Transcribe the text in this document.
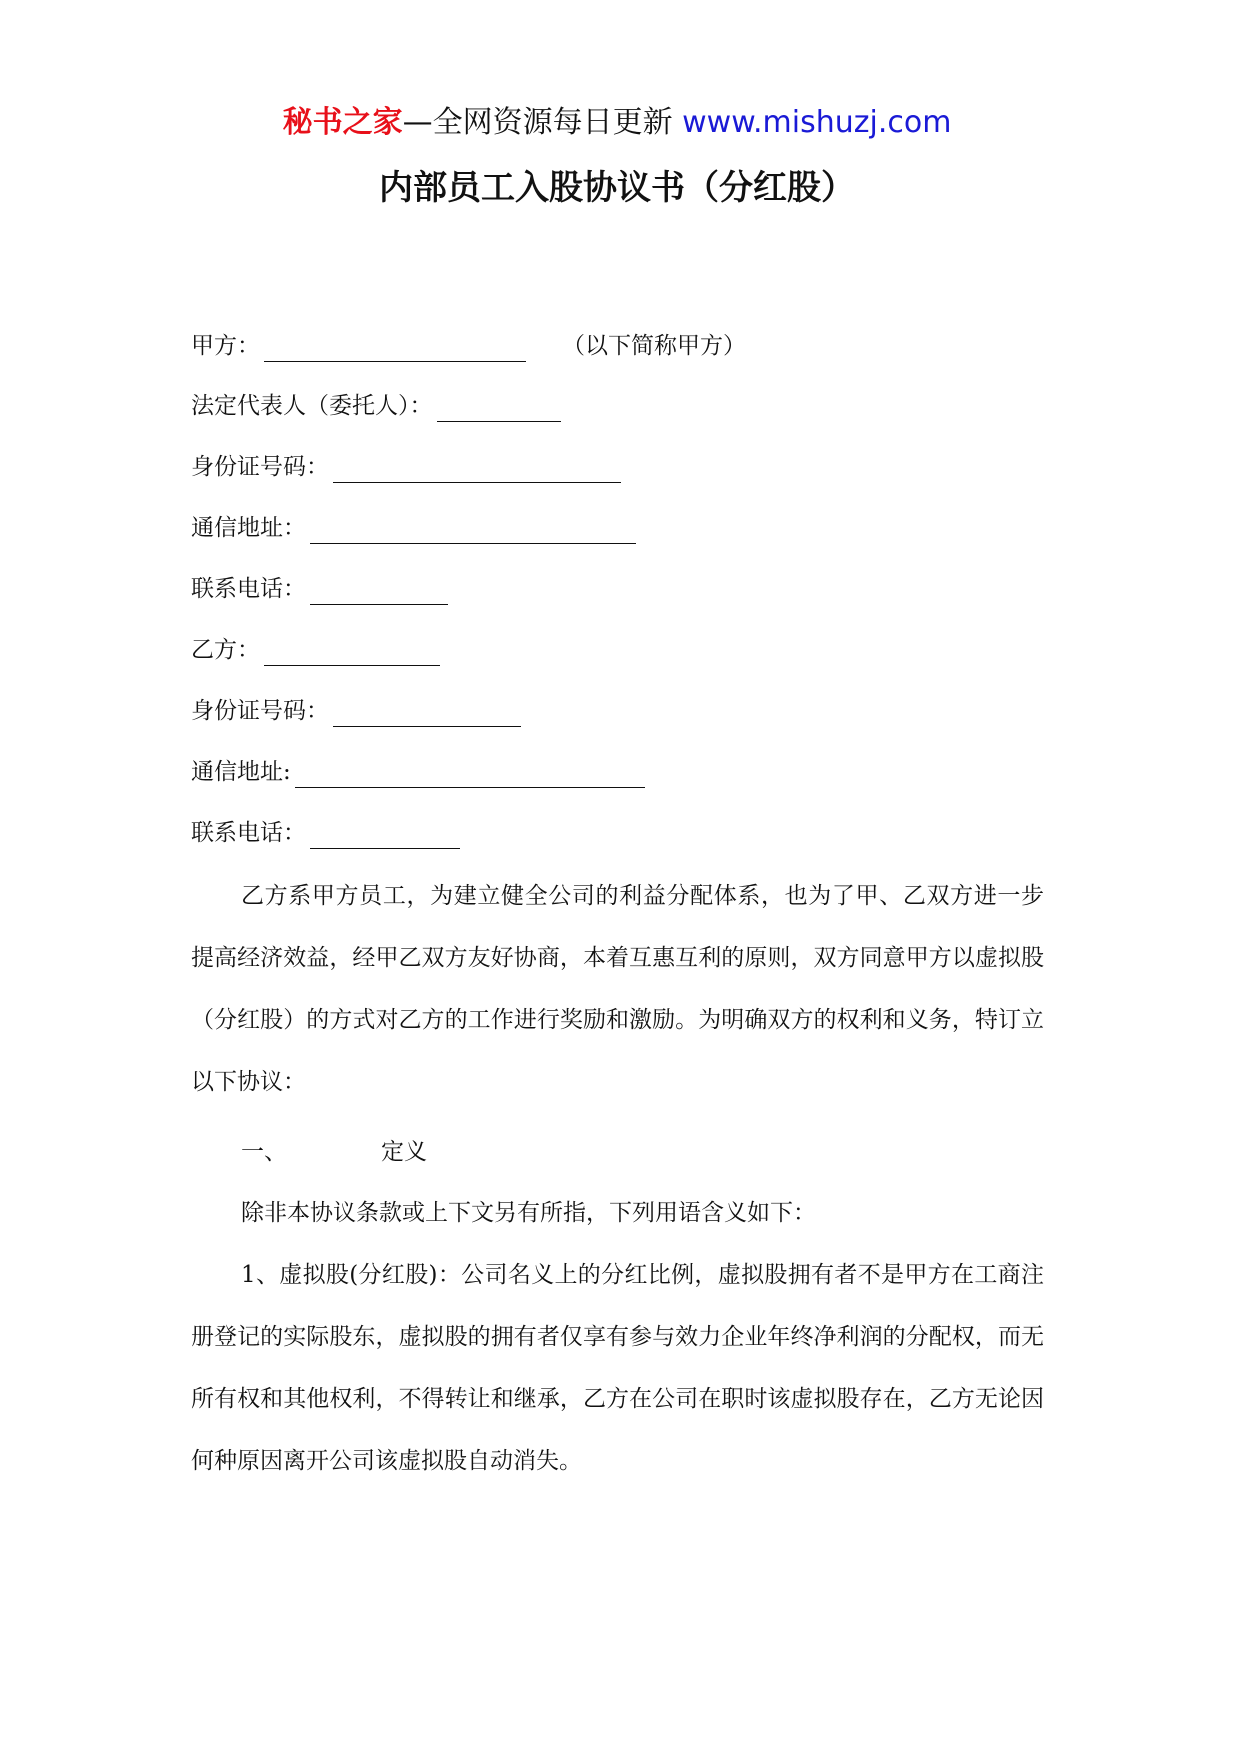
秘书之家—全网资源每日更新 www.mishuzj.com
内部员工入股协议书（分红股）
甲方：	（以下简称甲方）
法定代表人（委托人）：
身份证号码：
通信地址：
联系电话：
乙方：
身份证号码：
通信地址:
联系电话：

乙方系甲方员工，为建立健全公司的利益分配体系，也为了甲、乙双方进一步提高经济效益，经甲乙双方友好协商，本着互惠互利的原则，双方同意甲方以虚拟股（分红股）的方式对乙方的工作进行奖励和激励。为明确双方的权利和义务，特订立以下协议：

一、	定义
除非本协议条款或上下文另有所指，下列用语含义如下：

1、虚拟股(分红股)：公司名义上的分红比例，虚拟股拥有者不是甲方在工商注册登记的实际股东，虚拟股的拥有者仅享有参与效力企业年终净利润的分配权，而无所有权和其他权利，不得转让和继承，乙方在公司在职时该虚拟股存在，乙方无论因何种原因离开公司该虚拟股自动消失。
